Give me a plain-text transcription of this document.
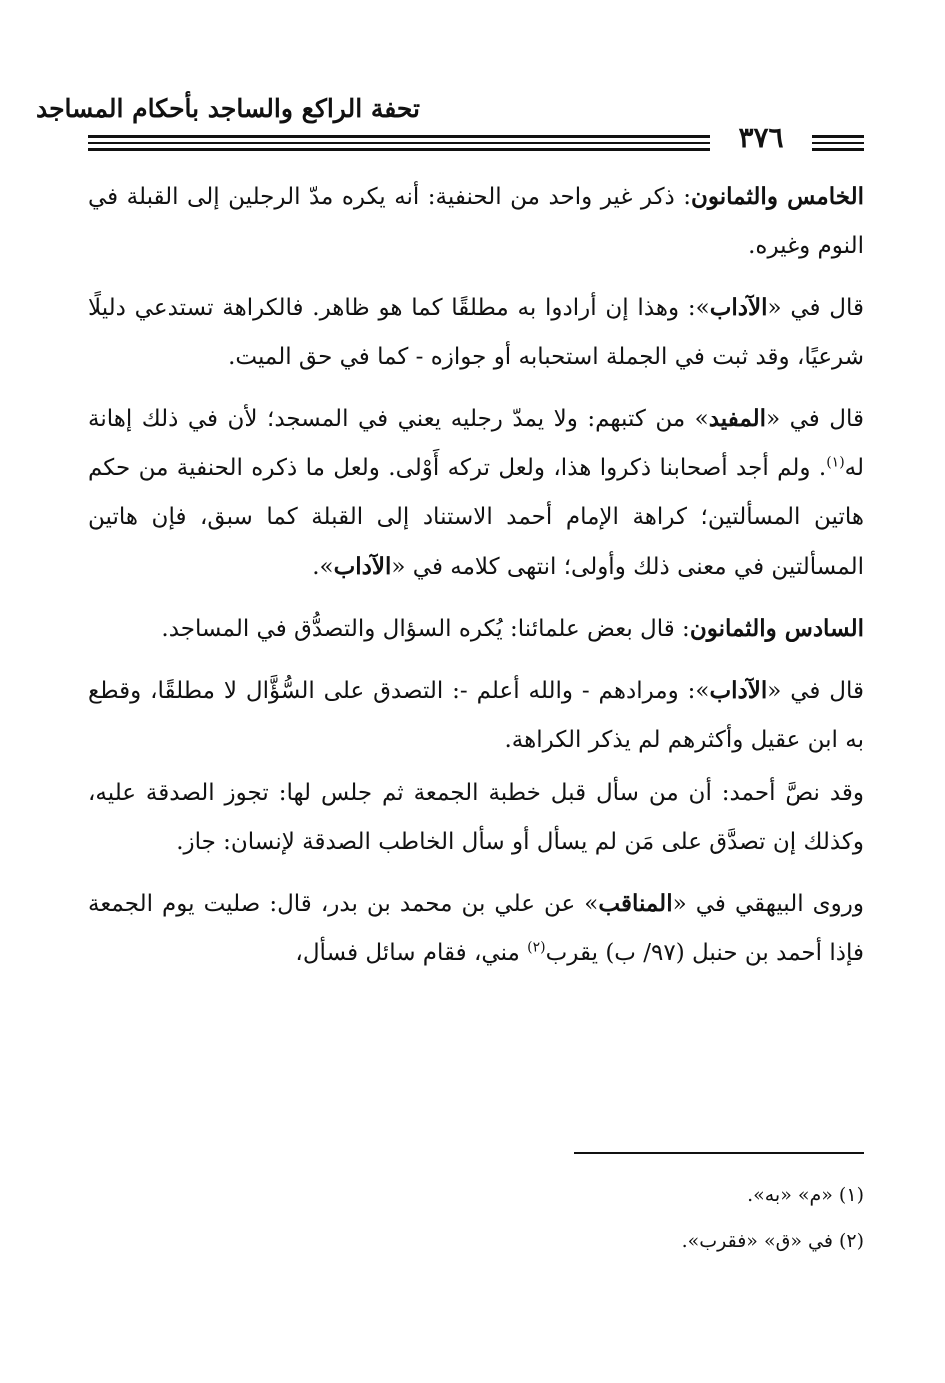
تحفة الراكع والساجد بأحكام المساجد
٣٧٦

الخامس والثمانون: ذكر غير واحد من الحنفية: أنه يكره مدّ الرجلين إلى القبلة في النوم وغيره.

قال في «الآداب»: وهذا إن أرادوا به مطلقًا كما هو ظاهر. فالكراهة تستدعي دليلًا شرعيًا، وقد ثبت في الجملة استحبابه أو جوازه - كما في حق الميت.

قال في «المفيد» من كتبهم: ولا يمدّ رجليه يعني في المسجد؛ لأن في ذلك إهانة له$^{(١)}$. ولم أجد أصحابنا ذكروا هذا، ولعل تركه أَوْلى. ولعل ما ذكره الحنفية من حكم هاتين المسألتين؛ كراهة الإمام أحمد الاستناد إلى القبلة كما سبق، فإن هاتين المسألتين في معنى ذلك وأولى؛ انتهى كلامه في «الآداب».

السادس والثمانون: قال بعض علمائنا: يُكره السؤال والتصدُّق في المساجد.

قال في «الآداب»: ومرادهم - والله أعلم -: التصدق على السُّؤَّال لا مطلقًا، وقطع به ابن عقيل وأكثرهم لم يذكر الكراهة.

وقد نصَّ أحمد: أن من سأل قبل خطبة الجمعة ثم جلس لها: تجوز الصدقة عليه، وكذلك إن تصدَّق على مَن لم يسأل أو سأل الخاطب الصدقة لإنسان: جاز.

وروى البيهقي في «المناقب» عن علي بن محمد بن بدر، قال: صليت يوم الجمعة فإذا أحمد بن حنبل (٩٧/ ب) يقرب$^{(٢)}$ مني، فقام سائل فسأل،

(١) «م» «به».
(٢) في «ق» «فقرب».
